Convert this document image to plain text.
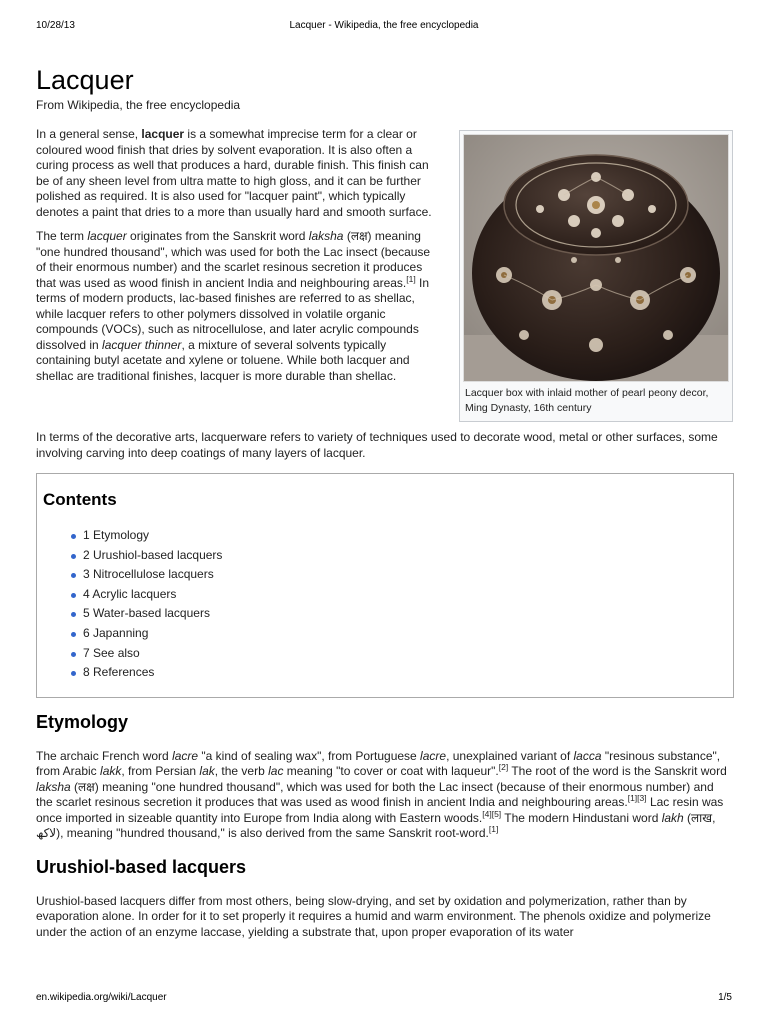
10/28/13	Lacquer - Wikipedia, the free encyclopedia
Lacquer
From Wikipedia, the free encyclopedia
Lacquer box with inlaid mother of pearl peony decor, Ming Dynasty, 16th century

In a general sense, lacquer is a somewhat imprecise term for a clear or coloured wood finish that dries by solvent evaporation. It is also often a curing process as well that produces a hard, durable finish. This finish can be of any sheen level from ultra matte to high gloss, and it can be further polished as required. It is also used for "lacquer paint", which typically denotes a paint that dries to a more than usually hard and smooth surface.

The term lacquer originates from the Sanskrit word laksha (लक्ष) meaning "one hundred thousand", which was used for both the Lac insect (because of their enormous number) and the scarlet resinous secretion it produces that was used as wood finish in ancient India and neighbouring areas.[1] In terms of modern products, lac-based finishes are referred to as shellac, while lacquer refers to other polymers dissolved in volatile organic compounds (VOCs), such as nitrocellulose, and later acrylic compounds dissolved in lacquer thinner, a mixture of several solvents typically containing butyl acetate and xylene or toluene. While both lacquer and shellac are traditional finishes, lacquer is more durable than shellac.

In terms of the decorative arts, lacquerware refers to variety of techniques used to decorate wood, metal or other surfaces, some involving carving into deep coatings of many layers of lacquer.

Contents
1 Etymology
2 Urushiol-based lacquers
3 Nitrocellulose lacquers
4 Acrylic lacquers
5 Water-based lacquers
6 Japanning
7 See also
8 References
Etymology

The archaic French word lacre "a kind of sealing wax", from Portuguese lacre, unexplained variant of lacca "resinous substance", from Arabic lakk, from Persian lak, the verb lac meaning "to cover or coat with laqueur".[2] The root of the word is the Sanskrit word laksha (लक्ष) meaning "one hundred thousand", which was used for both the Lac insect (because of their enormous number) and the scarlet resinous secretion it produces that was used as wood finish in ancient India and neighbouring areas.[1][3] Lac resin was once imported in sizeable quantity into Europe from India along with Eastern woods.[4][5] The modern Hindustani word lakh (लाख, لاکھ), meaning "hundred thousand," is also derived from the same Sanskrit root-word.[1]

Urushiol-based lacquers

Urushiol-based lacquers differ from most others, being slow-drying, and set by oxidation and polymerization, rather than by evaporation alone. In order for it to set properly it requires a humid and warm environment. The phenols oxidize and polymerize under the action of an enzyme laccase, yielding a substrate that, upon proper evaporation of its water

en.wikipedia.org/wiki/Lacquer	1/5
